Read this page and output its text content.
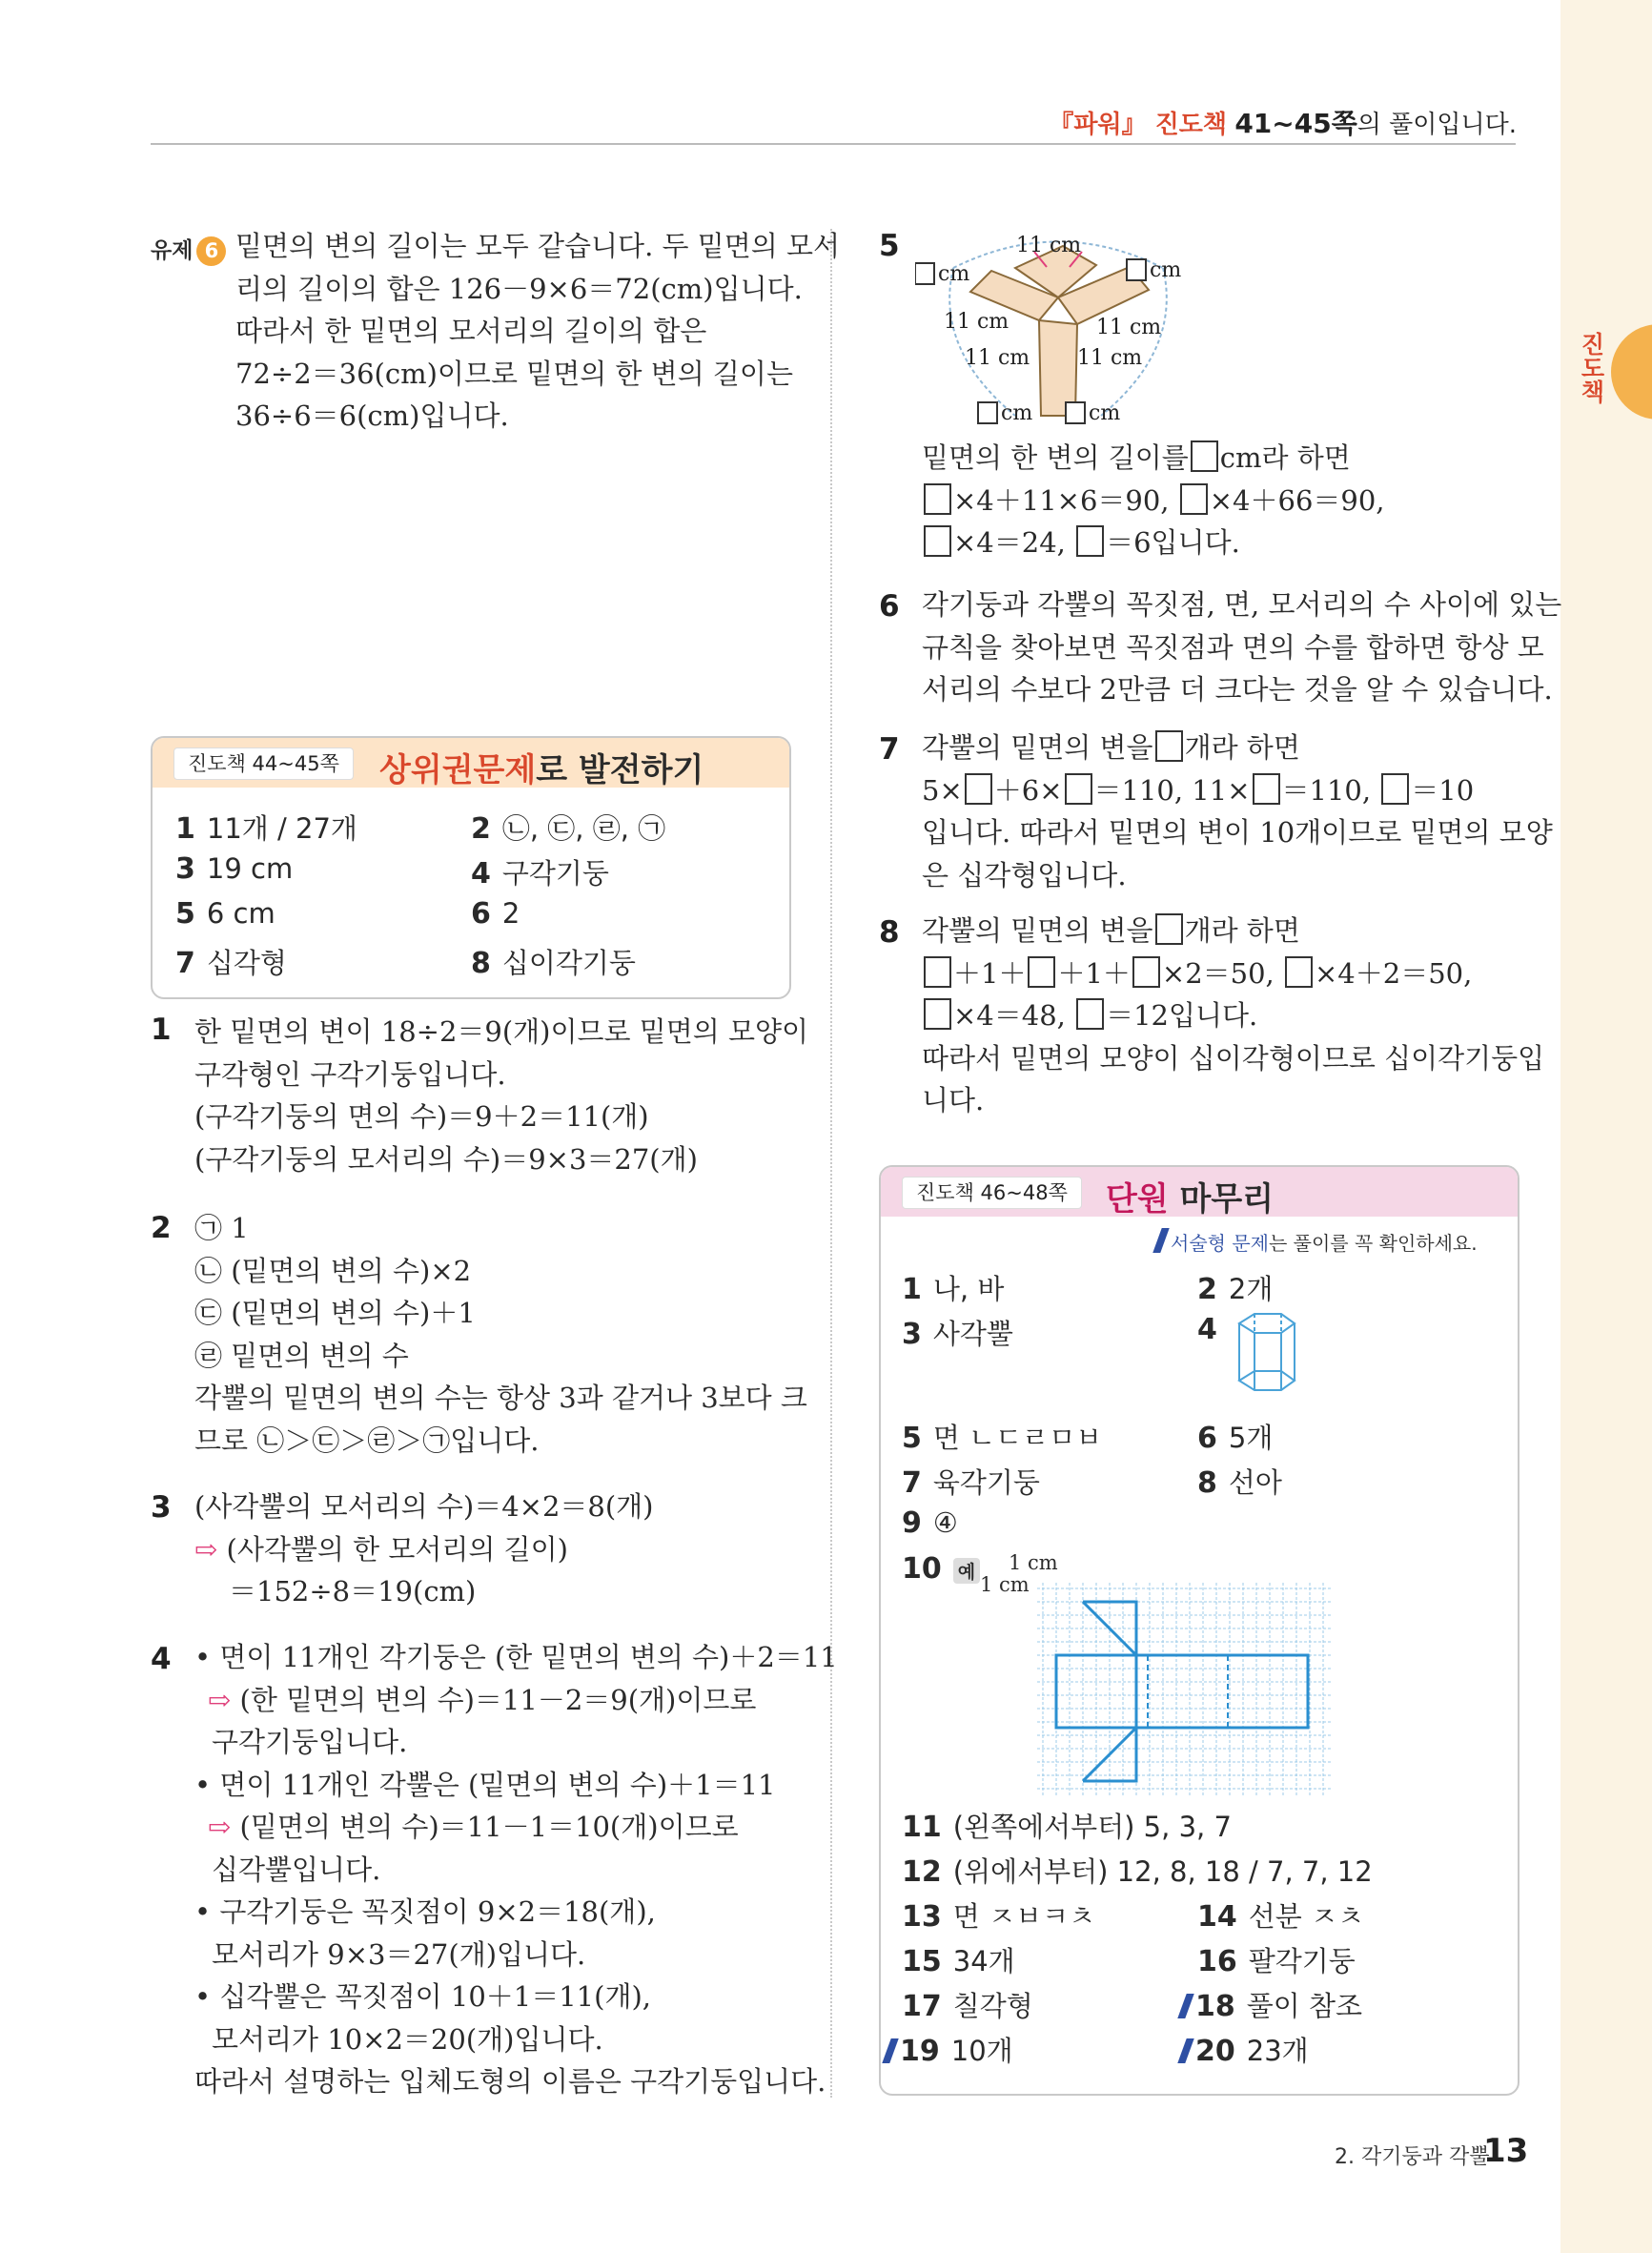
진도책
『파워』 진도책 41~45쪽의 풀이입니다.
유제 6 밑면의 변의 길이는 모두 같습니다. 두 밑면의 모서
리의 길이의 합은 126－9×6＝72(cm)입니다.
따라서 한 밑면의 모서리의 길이의 합은
72÷2＝36(cm)이므로 밑면의 한 변의 길이는
36÷6＝6(cm)입니다.
진도책 44~45쪽	상위권문제로 발전하기
1 11개 / 27개	2 ㉡, ㉢, ㉣, ㉠
3 19 cm	4 구각기둥
5 6 cm	6 2
7 십각형	8 십이각기둥
1 한 밑면의 변이 18÷2＝9(개)이므로 밑면의 모양이
구각형인 구각기둥입니다.
(구각기둥의 면의 수)＝9＋2＝11(개)
(구각기둥의 모서리의 수)＝9×3＝27(개)
2 ㉠ 1
㉡ (밑면의 변의 수)×2
㉢ (밑면의 변의 수)＋1
㉣ 밑면의 변의 수
각뿔의 밑면의 변의 수는 항상 3과 같거나 3보다 크
므로 ㉡＞㉢＞㉣＞㉠입니다.
3 (사각뿔의 모서리의 수)＝4×2＝8(개)
⇨ (사각뿔의 한 모서리의 길이)
＝152÷8＝19(cm)
4 • 면이 11개인 각기둥은 (한 밑면의 변의 수)＋2＝11
⇨ (한 밑면의 변의 수)＝11－2＝9(개)이므로
구각기둥입니다.
• 면이 11개인 각뿔은 (밑면의 변의 수)＋1＝11
⇨ (밑면의 변의 수)＝11－1＝10(개)이므로
십각뿔입니다.
• 구각기둥은 꼭짓점이 9×2＝18(개),
모서리가 9×3＝27(개)입니다.
• 십각뿔은 꼭짓점이 10＋1＝11(개),
모서리가 10×2＝20(개)입니다.
따라서 설명하는 입체도형의 이름은 구각기둥입니다.
5	11 cm
cm	cm
11 cm
11 cm
11 cm
11 cm
cm	cm
밑면의 한 변의 길이를 cm라 하면
×4＋11×6＝90, ×4＋66＝90,
×4＝24, ＝6입니다.
6 각기둥과 각뿔의 꼭짓점, 면, 모서리의 수 사이에 있는
규칙을 찾아보면 꼭짓점과 면의 수를 합하면 항상 모
서리의 수보다 2만큼 더 크다는 것을 알 수 있습니다.
7 각뿔의 밑면의 변을 개라 하면
5× ＋6× ＝110, 11× ＝110, ＝10
입니다. 따라서 밑면의 변이 10개이므로 밑면의 모양
은 십각형입니다.
8 각뿔의 밑면의 변을 개라 하면
＋1＋ ＋1＋ ×2＝50, ×4＋2＝50,
×4＝48, ＝12입니다.
따라서 밑면의 모양이 십이각형이므로 십이각기둥입
니다.
진도책 46~48쪽	단원 마무리
서술형 문제는 풀이를 꼭 확인하세요.
1 나, 바	2 2개
3 사각뿔	4
5 면 ㄴㄷㄹㅁㅂ	6 5개
7 육각기둥	8 선아
9 ④
10 예 1 cm
1 cm
11 (왼쪽에서부터) 5, 3, 7
12 (위에서부터) 12, 8, 18 / 7, 7, 12
13 면 ㅈㅂㅋㅊ	14 선분 ㅈㅊ
15 34개	16 팔각기둥
17 칠각형	18 풀이 참조
19 10개	20 23개
2. 각기둥과 각뿔
13
